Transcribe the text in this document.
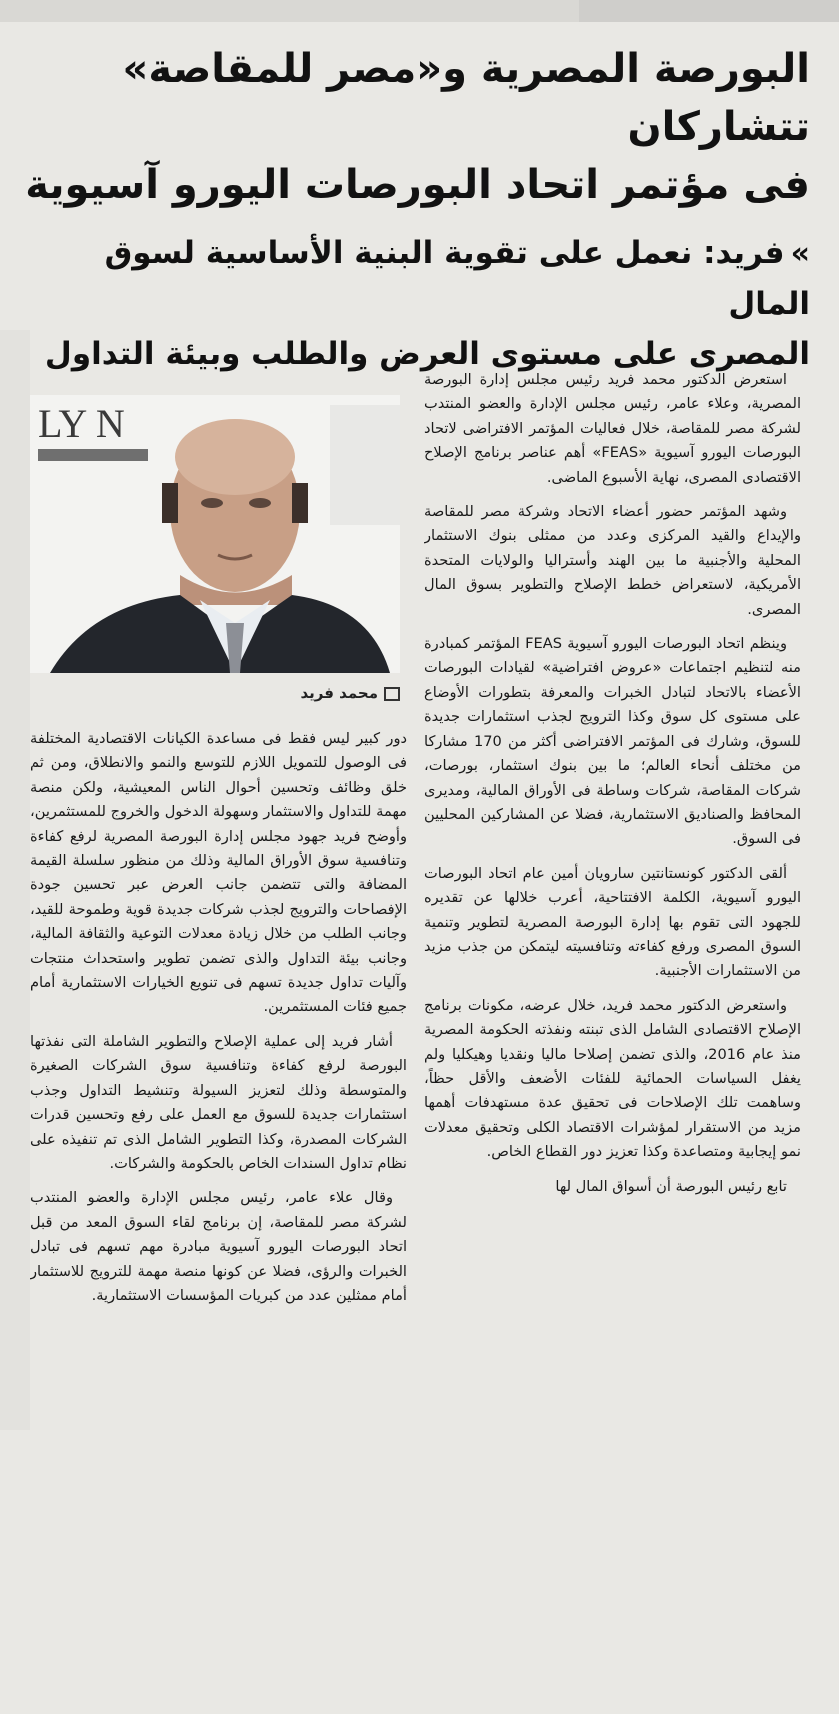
البورصة المصرية و«مصر للمقاصة» تتشاركان
فى مؤتمر اتحاد البورصات اليورو آسيوية
»فريد: نعمل على تقوية البنية الأساسية لسوق المال
المصرى على مستوى العرض والطلب وبيئة التداول
LY N
محمد فريد

استعرض الدكتور محمد فريد رئيس مجلس إدارة البورصة المصرية، وعلاء عامر، رئيس مجلس الإدارة والعضو المنتدب لشركة مصر للمقاصة، خلال فعاليات المؤتمر الافتراضى لاتحاد البورصات اليورو آسيوية «FEAS» أهم عناصر برنامج الإصلاح الاقتصادى المصرى، نهاية الأسبوع الماضى.

وشهد المؤتمر حضور أعضاء الاتحاد وشركة مصر للمقاصة والإيداع والقيد المركزى وعدد من ممثلى بنوك الاستثمار المحلية والأجنبية ما بين الهند وأستراليا والولايات المتحدة الأمريكية، لاستعراض خطط الإصلاح والتطوير بسوق المال المصرى.

وينظم اتحاد البورصات اليورو آسيوية FEAS المؤتمر كمبادرة منه لتنظيم اجتماعات «عروض افتراضية» لقيادات البورصات الأعضاء بالاتحاد لتبادل الخبرات والمعرفة بتطورات الأوضاع على مستوى كل سوق وكذا الترويج لجذب استثمارات جديدة للسوق، وشارك فى المؤتمر الافتراضى أكثر من 170 مشاركا من مختلف أنحاء العالم؛ ما بين بنوك استثمار، بورصات، شركات المقاصة، شركات وساطة فى الأوراق المالية، ومديرى المحافظ والصناديق الاستثمارية، فضلا عن المشاركين المحليين فى السوق.

ألقى الدكتور كونستانتين سارويان أمين عام اتحاد البورصات اليورو آسيوية، الكلمة الافتتاحية، أعرب خلالها عن تقديره للجهود التى تقوم بها إدارة البورصة المصرية لتطوير وتنمية السوق المصرى ورفع كفاءته وتنافسيته ليتمكن من جذب مزيد من الاستثمارات الأجنبية.

واستعرض الدكتور محمد فريد، خلال عرضه، مكونات برنامج الإصلاح الاقتصادى الشامل الذى تبنته ونفذته الحكومة المصرية منذ عام 2016، والذى تضمن إصلاحا ماليا ونقديا وهيكليا ولم يغفل السياسات الحمائية للفئات الأضعف والأقل حظاً، وساهمت تلك الإصلاحات فى تحقيق عدة مستهدفات أهمها مزيد من الاستقرار لمؤشرات الاقتصاد الكلى وتحقيق معدلات نمو إيجابية ومتصاعدة وكذا تعزيز دور القطاع الخاص.

تابع رئيس البورصة أن أسواق المال لها

دور كبير ليس فقط فى مساعدة الكيانات الاقتصادية المختلفة فى الوصول للتمويل اللازم للتوسع والنمو والانطلاق، ومن ثم خلق وظائف وتحسين أحوال الناس المعيشية، ولكن منصة مهمة للتداول والاستثمار وسهولة الدخول والخروج للمستثمرين، وأوضح فريد جهود مجلس إدارة البورصة المصرية لرفع كفاءة وتنافسية سوق الأوراق المالية وذلك من منظور سلسلة القيمة المضافة والتى تتضمن جانب العرض عبر تحسين جودة الإفصاحات والترويج لجذب شركات جديدة قوية وطموحة للقيد، وجانب الطلب من خلال زيادة معدلات التوعية والثقافة المالية، وجانب بيئة التداول والذى تضمن تطوير واستحداث منتجات وآليات تداول جديدة تسهم فى تنويع الخيارات الاستثمارية أمام جميع فئات المستثمرين.

أشار فريد إلى عملية الإصلاح والتطوير الشاملة التى نفذتها البورصة لرفع كفاءة وتنافسية سوق الشركات الصغيرة والمتوسطة وذلك لتعزيز السيولة وتنشيط التداول وجذب استثمارات جديدة للسوق مع العمل على رفع وتحسين قدرات الشركات المصدرة، وكذا التطوير الشامل الذى تم تنفيذه على نظام تداول السندات الخاص بالحكومة والشركات.

وقال علاء عامر، رئيس مجلس الإدارة والعضو المنتدب لشركة مصر للمقاصة، إن برنامج لقاء السوق المعد من قبل اتحاد البورصات اليورو آسيوية مبادرة مهم تسهم فى تبادل الخبرات والرؤى، فضلا عن كونها منصة مهمة للترويج للاستثمار أمام ممثلين عدد من كبريات المؤسسات الاستثمارية.
